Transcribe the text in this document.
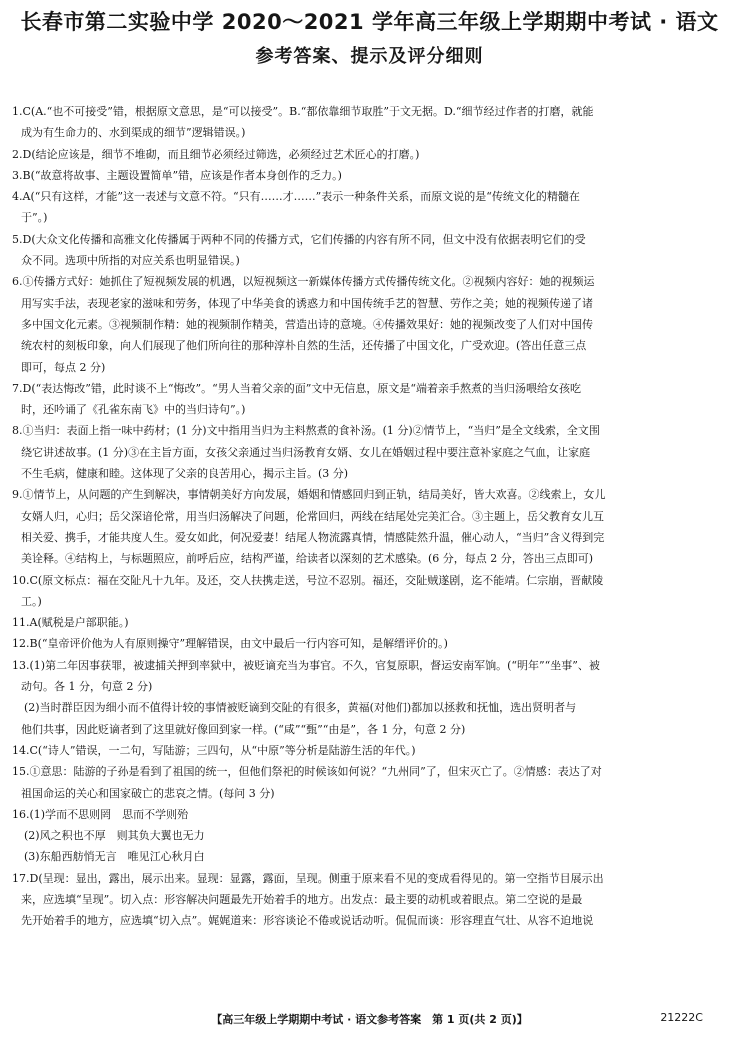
长春市第二实验中学 2020～2021 学年高三年级上学期期中考试 · 语文
参考答案、提示及评分细则
1.C(A.“也不可接受”错，根据原文意思，是“可以接受”。B.“都依靠细节取胜”于文无据。D.“细节经过作者的打磨，就能
成为有生命力的、水到渠成的细节”逻辑错误。)
2.D(结论应该是，细节不堆砌，而且细节必须经过筛选，必须经过艺术匠心的打磨。)
3.B(“故意将故事、主题设置简单”错，应该是作者本身创作的乏力。)
4.A(“只有这样，才能”这一表述与文意不符。“只有……才……”表示一种条件关系，而原文说的是“传统文化的精髓在
于”。)
5.D(大众文化传播和高雅文化传播属于两种不同的传播方式，它们传播的内容有所不同，但文中没有依据表明它们的受
众不同。选项中所指的对应关系也明显错误。)
6.①传播方式好：她抓住了短视频发展的机遇，以短视频这一新媒体传播方式传播传统文化。②视频内容好：她的视频运
用写实手法，表现老家的滋味和劳务，体现了中华美食的诱惑力和中国传统手艺的智慧、劳作之美；她的视频传递了诸
多中国文化元素。③视频制作精：她的视频制作精美，营造出诗的意境。④传播效果好：她的视频改变了人们对中国传
统农村的刻板印象，向人们展现了他们所向往的那种淳朴自然的生活，还传播了中国文化，广受欢迎。(答出任意三点
即可，每点 2 分)
7.D(“表达悔改”错，此时谈不上“悔改”。“男人当着父亲的面”文中无信息，原文是“端着亲手熬煮的当归汤喂给女孩吃
时，还吟诵了《孔雀东南飞》中的当归诗句”。)
8.①当归：表面上指一味中药材；(1 分)文中指用当归为主料熬煮的食补汤。(1 分)②情节上，“当归”是全文线索，全文围
绕它讲述故事。(1 分)③在主旨方面，女孩父亲通过当归汤教育女婿、女儿在婚姻过程中要注意补家庭之气血，让家庭
不生毛病，健康和睦。这体现了父亲的良苦用心，揭示主旨。(3 分)
9.①情节上，从问题的产生到解决，事情朝美好方向发展，婚姻和情感回归到正轨，结局美好，皆大欢喜。②线索上，女儿
女婿人归，心归；岳父深谙伦常，用当归汤解决了问题，伦常回归，两线在结尾处完美汇合。③主题上，岳父教育女儿互
相关爱、携手，才能共度人生。爱女如此，何况爱妻！结尾人物流露真情，情感陡然升温，催心动人，“当归”含义得到完
美诠释。④结构上，与标题照应，前呼后应，结构严谨，给读者以深刻的艺术感染。(6 分，每点 2 分，答出三点即可)
10.C(原文标点：福在交阯凡十九年。及还，交人扶携走送，号泣不忍别。福还，交阯贼遂剧，迄不能靖。仁宗崩，晋献陵
工。)
11.A(赋税是户部职能。)
12.B(“皇帝评价他为人有原则操守”理解错误，由文中最后一行内容可知，是解缙评价的。)
13.(1)第二年因事获罪，被逮捕关押到率狱中，被贬谪充当为事官。不久，官复原职，督运安南军饷。(“明年”“坐事”、被
动句。各 1 分，句意 2 分)
(2)当时群臣因为细小而不值得计较的事情被贬谪到交阯的有很多，黄福(对他们)都加以拯救和抚恤，选出贤明者与
他们共事，因此贬谪者到了这里就好像回到家一样。(“咸”“甄”“由是”，各 1 分，句意 2 分)
14.C(“诗人”错误，一二句，写陆游；三四句，从“中原”等分析是陆游生活的年代。)
15.①意思：陆游的子孙是看到了祖国的统一，但他们祭祀的时候该如何说？“九州同”了，但宋灭亡了。②情感：表达了对
祖国命运的关心和国家破亡的悲哀之情。(每问 3 分)
16.(1)学而不思则罔　思而不学则殆
(2)风之积也不厚　则其负大翼也无力
(3)东船西舫悄无言　唯见江心秋月白
17.D(呈现：显出，露出，展示出来。显现：显露，露面，呈现。侧重于原来看不见的变成看得见的。第一空指节目展示出
来，应选填“呈现”。切入点：形容解决问题最先开始着手的地方。出发点：最主要的动机或着眼点。第二空说的是最
先开始着手的地方，应选填“切入点”。娓娓道来：形容谈论不倦或说话动听。侃侃而谈：形容理直气壮、从容不迫地说
【高三年级上学期期中考试 · 语文参考答案　第 1 页(共 2 页)】	21222C
